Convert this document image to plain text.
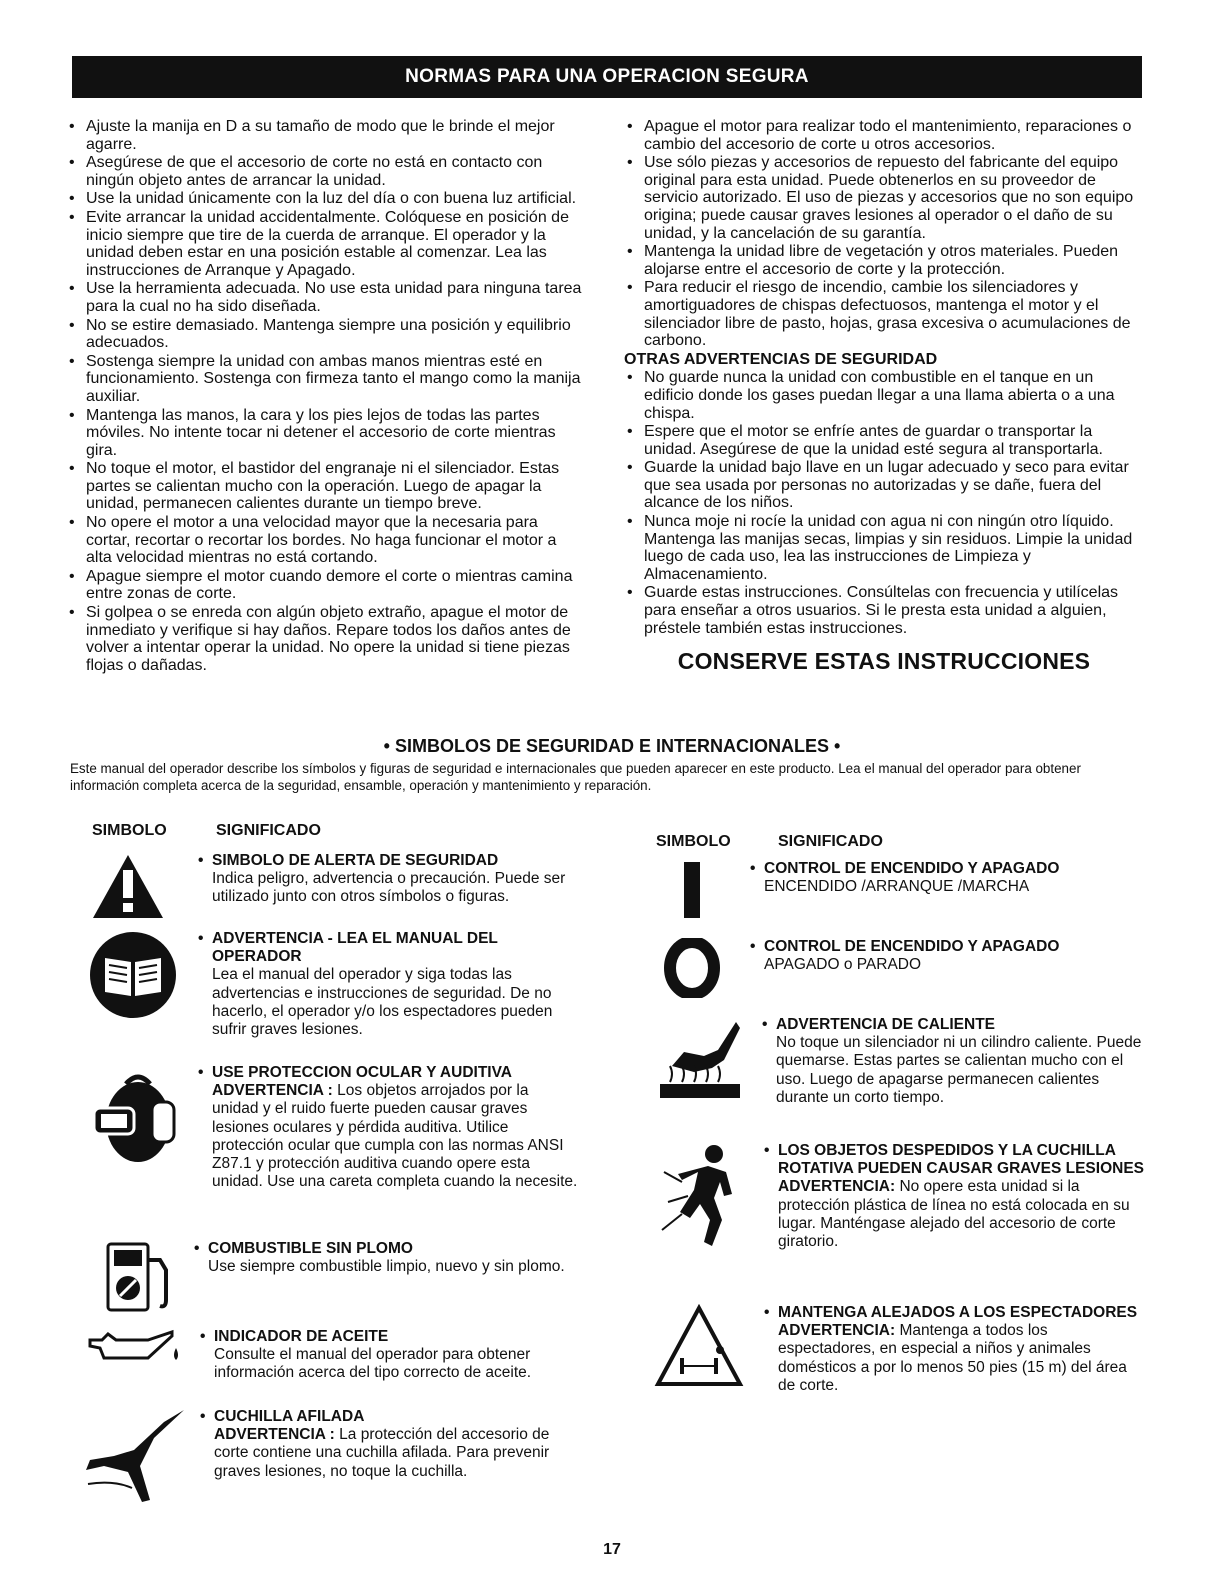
NORMAS PARA UNA OPERACION SEGURA
• Ajuste la manija en D a su tamaño de modo que le brinde el mejor agarre.
• Asegúrese de que el accesorio de corte no está en contacto con ningún objeto antes de arrancar la unidad.
• Use la unidad únicamente con la luz del día o con buena luz artificial.
• Evite arrancar la unidad accidentalmente. Colóquese en posición de inicio siempre que tire de la cuerda de arranque. El operador y la unidad deben estar en una posición estable al comenzar. Lea las instrucciones de Arranque y Apagado.
• Use la herramienta adecuada. No use esta unidad para ninguna tarea para la cual no ha sido diseñada.
• No se estire demasiado. Mantenga siempre una posición y equilibrio adecuados.
• Sostenga siempre la unidad con ambas manos mientras esté en funcionamiento. Sostenga con firmeza tanto el mango como la manija auxiliar.
• Mantenga las manos, la cara y los pies lejos de todas las partes móviles. No intente tocar ni detener el accesorio de corte mientras gira.
• No toque el motor, el bastidor del engranaje ni el silenciador. Estas partes se calientan mucho con la operación. Luego de apagar la unidad, permanecen calientes durante un tiempo breve.
• No opere el motor a una velocidad mayor que la necesaria para cortar, recortar o recortar los bordes. No haga funcionar el motor a alta velocidad mientras no está cortando.
• Apague siempre el motor cuando demore el corte o mientras camina entre zonas de corte.
• Si golpea o se enreda con algún objeto extraño, apague el motor de inmediato y verifique si hay daños. Repare todos los daños antes de volver a intentar operar la unidad. No opere la unidad si tiene piezas flojas o dañadas.
• Apague el motor para realizar todo el mantenimiento, reparaciones o cambio del accesorio de corte u otros accesorios.
• Use sólo piezas y accesorios de repuesto del fabricante del equipo original para esta unidad. Puede obtenerlos en su proveedor de servicio autorizado. El uso de piezas y accesorios que no son equipo origina; puede causar graves lesiones al operador o el daño de su unidad, y la cancelación de su garantía.
• Mantenga la unidad libre de vegetación y otros materiales. Pueden alojarse entre el accesorio de corte y la protección.
• Para reducir el riesgo de incendio, cambie los silenciadores y amortiguadores de chispas defectuosos, mantenga el motor y el silenciador libre de pasto, hojas, grasa excesiva o acumulaciones de carbono.
OTRAS ADVERTENCIAS DE SEGURIDAD
• No guarde nunca la unidad con combustible en el tanque en un edificio donde los gases puedan llegar a una llama abierta o a una chispa.
• Espere que el motor se enfríe antes de guardar o transportar la unidad. Asegúrese de que la unidad esté segura al transportarla.
• Guarde la unidad bajo llave en un lugar adecuado y seco para evitar que sea usada por personas no autorizadas y se dañe, fuera del alcance de los niños.
• Nunca moje ni rocíe la unidad con agua ni con ningún otro líquido. Mantenga las manijas secas, limpias y sin residuos. Limpie la unidad luego de cada uso, lea las instrucciones de Limpieza y Almacenamiento.
• Guarde estas instrucciones. Consúltelas con frecuencia y utilícelas para enseñar a otros usuarios. Si le presta esta unidad a alguien, préstele también estas instrucciones.
CONSERVE ESTAS INSTRUCCIONES
• SIMBOLOS DE SEGURIDAD E INTERNACIONALES •
Este manual del operador describe los símbolos y figuras de seguridad e internacionales que pueden aparecer en este producto. Lea el manual del operador para obtener información completa acerca de la seguridad, ensamble, operación y mantenimiento y reparación.
SIMBOLO	SIGNIFICADO
SIMBOLO	SIGNIFICADO
• SIMBOLO DE ALERTA DE SEGURIDAD
Indica peligro, advertencia o precaución. Puede ser utilizado junto con otros símbolos o figuras.
• ADVERTENCIA - LEA EL MANUAL DEL OPERADOR
Lea el manual del operador y siga todas las advertencias e instrucciones de seguridad. De no hacerlo, el operador y/o los espectadores pueden sufrir graves lesiones.
• USE PROTECCION OCULAR Y AUDITIVA
ADVERTENCIA : Los objetos arrojados por la unidad y el ruido fuerte pueden causar graves lesiones oculares y pérdida auditiva. Utilice protección ocular que cumpla con las normas ANSI Z87.1 y protección auditiva cuando opere esta unidad. Use una careta completa cuando la necesite.
• COMBUSTIBLE SIN PLOMO
Use siempre combustible limpio, nuevo y sin plomo.
• INDICADOR DE ACEITE
Consulte el manual del operador para obtener información acerca del tipo correcto de aceite.
• CUCHILLA AFILADA
ADVERTENCIA : La protección del accesorio de corte contiene una cuchilla afilada. Para prevenir graves lesiones, no toque la cuchilla.
• CONTROL DE ENCENDIDO Y APAGADO
ENCENDIDO /ARRANQUE /MARCHA
• CONTROL DE ENCENDIDO Y APAGADO
APAGADO o PARADO
• ADVERTENCIA DE CALIENTE
No toque un silenciador ni un cilindro caliente. Puede quemarse. Estas partes se calientan mucho con el uso. Luego de apagarse permanecen calientes durante un corto tiempo.
• LOS OBJETOS DESPEDIDOS Y LA CUCHILLA ROTATIVA PUEDEN CAUSAR GRAVES LESIONES
ADVERTENCIA: No opere esta unidad si la protección plástica de línea no está colocada en su lugar. Manténgase alejado del accesorio de corte giratorio.
• MANTENGA ALEJADOS A LOS ESPECTADORES
ADVERTENCIA: Mantenga a todos los espectadores, en especial a niños y animales domésticos a por lo menos 50 pies (15 m) del área de corte.
17
